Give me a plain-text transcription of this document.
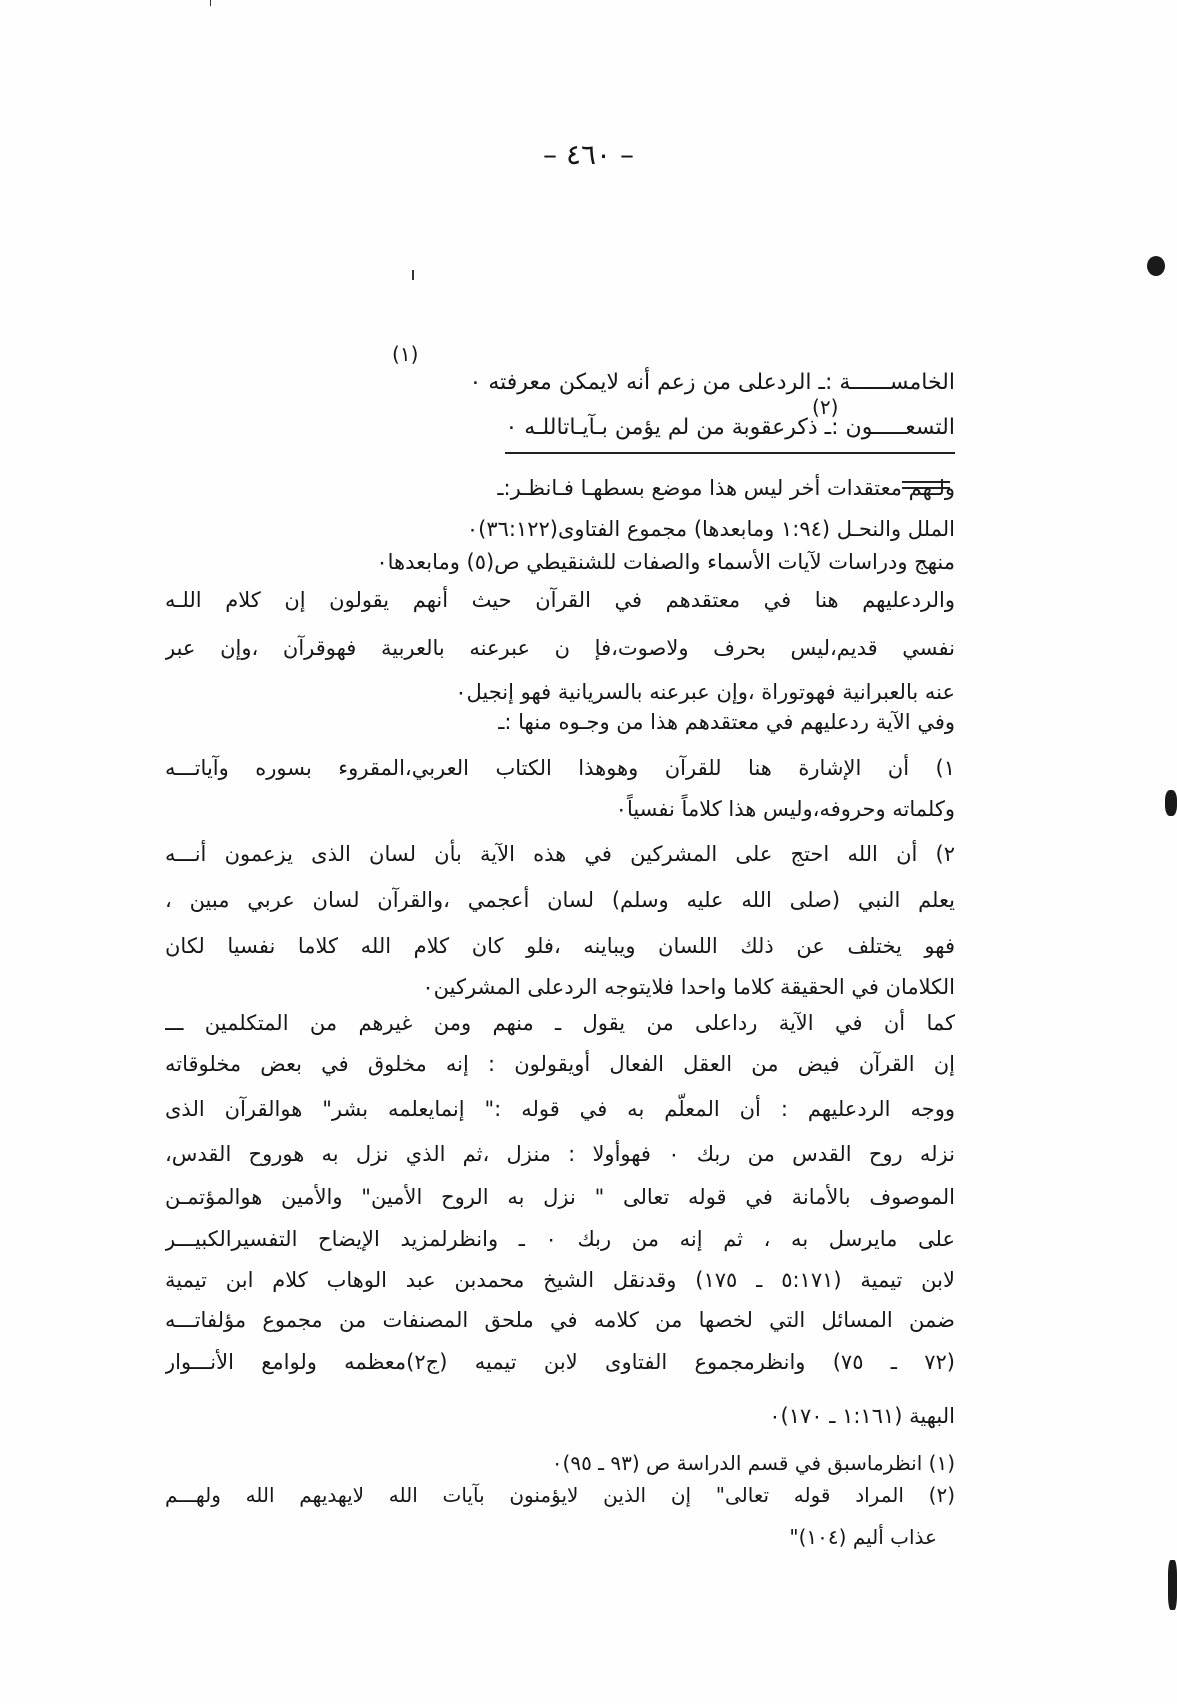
– ٤٦٠ –
(١)
الخامســــــة :ـ الردعلى من زعم أنه لايمكن معرفته ٠
(٢)
التسعـــــون :ـ ذكرعقوبة من لم يؤمن بـآيـاتاللـه ٠
ولـهم معتقدات أخر ليس هذا موضع بسطهـا فـانظـر:ـ
الملل والنحـل (١:٩٤ ومابعدها) مجموع الفتاوى(٣٦:١٢٢)٠
منهج ودراسات لآيات الأسماء والصفات للشنقيطي ص(٥) ومابعدها٠
والردعليهم هنا في معتقدهم في القرآن حيث أنهم يقولون إن كلام اللـه
نفسي قديم،ليس بحرف ولاصوت،فإ ن عبرعنه بالعربية فهوقرآن ،وإن عبر
عنه بالعبرانية فهوتوراة ،وإن عبرعنه بالسريانية فهو إنجيل٠
وفي الآية ردعليهم في معتقدهم هذا من وجـوه منها :ـ
١) أن الإشارة هنا للقرآن وهوهذا الكتاب العربي،المقروء بسوره وآياتـــه
وكلماته وحروفه،وليس هذا كلاماً نفسياً٠
٢) أن الله احتج على المشركين في هذه الآية بأن لسان الذى يزعمون أنـــه
يعلم النبي (صلى الله عليه وسلم) لسان أعجمي ،والقرآن لسان عربي مبين ،
فهو يختلف عن ذلك اللسان ويباينه ،فلو كان كلام الله كلاما نفسيا لكان
الكلامان في الحقيقة كلاما واحدا فلايتوجه الردعلى المشركين٠
كما أن في الآية رداعلى من يقول ـ منهم ومن غيرهم من المتكلمين ـــ
إن القرآن فيض من العقل الفعال أويقولون : إنه مخلوق في بعض مخلوقاته
ووجه الردعليهم : أن المعلّم به في قوله :" إنمايعلمه بشر" هوالقرآن الذى
نزله روح القدس من ربك ٠ فهوأولا : منزل ،ثم الذي نزل به هوروح القدس،
الموصوف بالأمانة في قوله تعالى " نزل به الروح الأمين" والأمين هوالمؤتمـن
على مايرسل به ، ثم إنه من ربك ٠ ـ وانظرلمزيد الإيضاح التفسيرالكبيـــر
لابن تيمية (٥:١٧١ ـ ١٧٥) وقدنقل الشيخ محمدبن عبد الوهاب كلام ابن تيمية
ضمن المسائل التي لخصها من كلامه في ملحق المصنفات من مجموع مؤلفاتـــه
(٧٢ ـ ٧٥) وانظرمجموع الفتاوى لابن تيميه (ج٢)معظمه ولوامع الأنـــوار
البهية (١:١٦١ ـ ١٧٠)٠
(١) انظرماسبق في قسم الدراسة ص (٩٣ ـ ٩٥)٠
(٢) المراد قوله تعالى" إن الذين لايؤمنون بآيات الله لايهديهم الله ولهـــم
عذاب أليم (١٠٤)"
